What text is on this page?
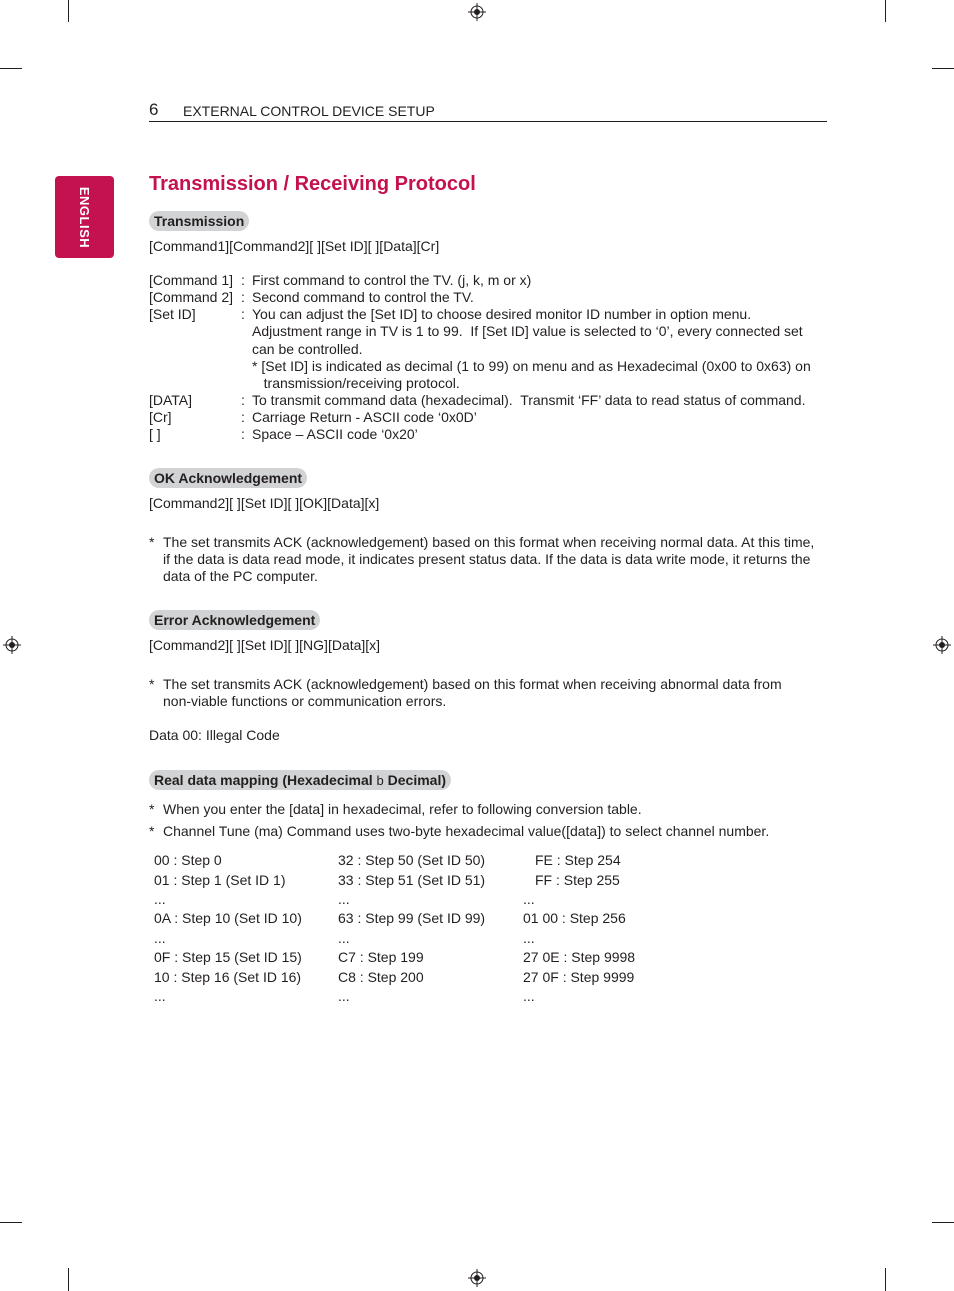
6 EXTERNAL CONTROL DEVICE SETUP
ENGLISH
Transmission / Receiving Protocol
Transmission
[Command1][Command2][ ][Set ID][ ][Data][Cr]
[Command 1] : First command to control the TV. (j, k, m or x)
[Command 2] : Second command to control the TV.
[Set ID]	: You can adjust the [Set ID] to choose desired monitor ID number in option menu.
Adjustment range in TV is 1 to 99.  If [Set ID] value is selected to ‘0’, every connected set
can be controlled.
* [Set ID] is indicated as decimal (1 to 99) on menu and as Hexadecimal (0x00 to 0x63) on
transmission/receiving protocol.
[DATA]	: To transmit command data (hexadecimal).  Transmit ‘FF’ data to read status of command.
[Cr]	: Carriage Return - ASCII code ‘0x0D’
[ ]	: Space – ASCII code ‘0x20’
OK Acknowledgement
[Command2][ ][Set ID][ ][OK][Data][x]
* The set transmits ACK (acknowledgement) based on this format when receiving normal data. At this time,
if the data is data read mode, it indicates present status data. If the data is data write mode, it returns the
data of the PC computer.
Error Acknowledgement
[Command2][ ][Set ID][ ][NG][Data][x]
* The set transmits ACK (acknowledgement) based on this format when receiving abnormal data from
non-viable functions or communication errors.
Data 00: Illegal Code
Real data mapping (Hexadecimal b Decimal)
* When you enter the [data] in hexadecimal, refer to following conversion table.
* Channel Tune (ma) Command uses two-byte hexadecimal value([data]) to select channel number.
00 : Step 0
01 : Step 1 (Set ID 1)
...
0A : Step 10 (Set ID 10)
...
0F : Step 15 (Set ID 15)
10 : Step 16 (Set ID 16)
...
32 : Step 50 (Set ID 50)
33 : Step 51 (Set ID 51)
...
63 : Step 99 (Set ID 99)
...
C7 : Step 199
C8 : Step 200
...
FE : Step 254
FF : Step 255
...
01 00 : Step 256
...
27 0E : Step 9998
27 0F : Step 9999
...
